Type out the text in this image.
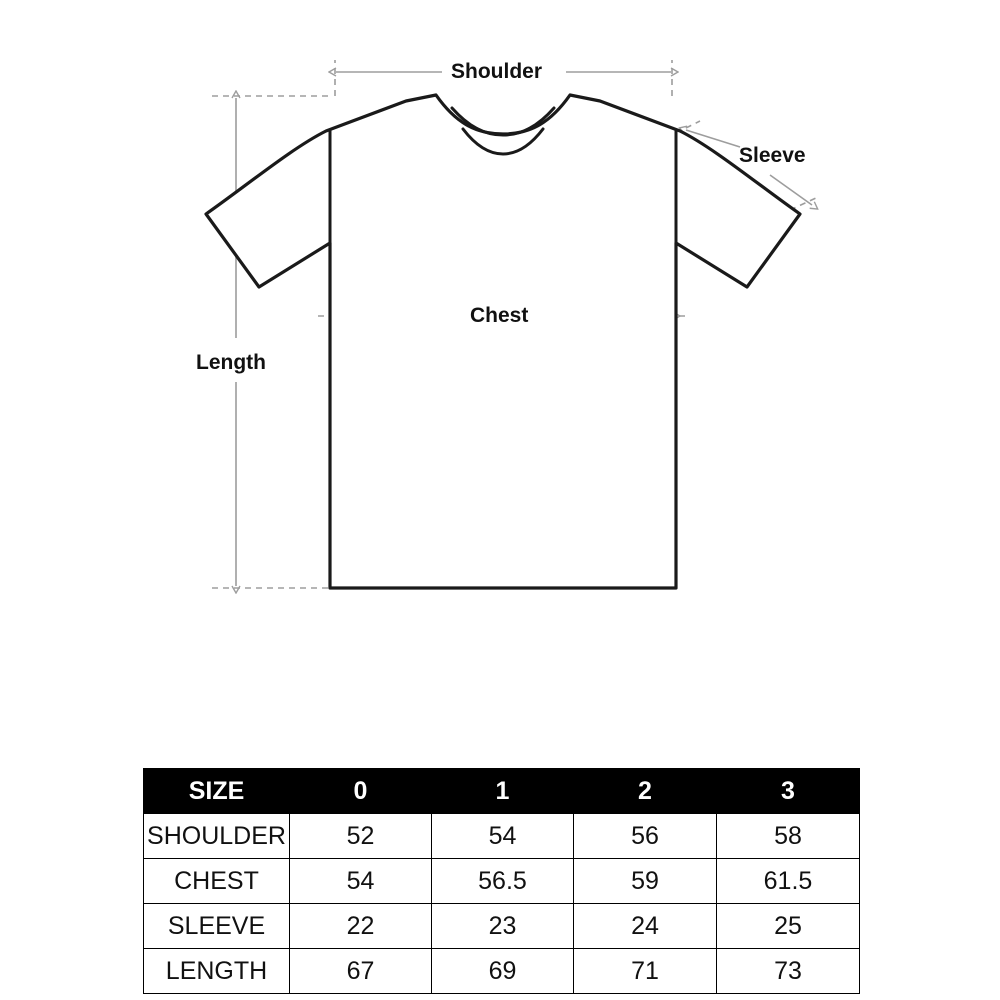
Shoulder
Sleeve
Chest
Length
SIZE	0	1	2	3
SHOULDER	52	54	56	58
CHEST	54	56.5	59	61.5
SLEEVE	22	23	24	25
LENGTH	67	69	71	73
